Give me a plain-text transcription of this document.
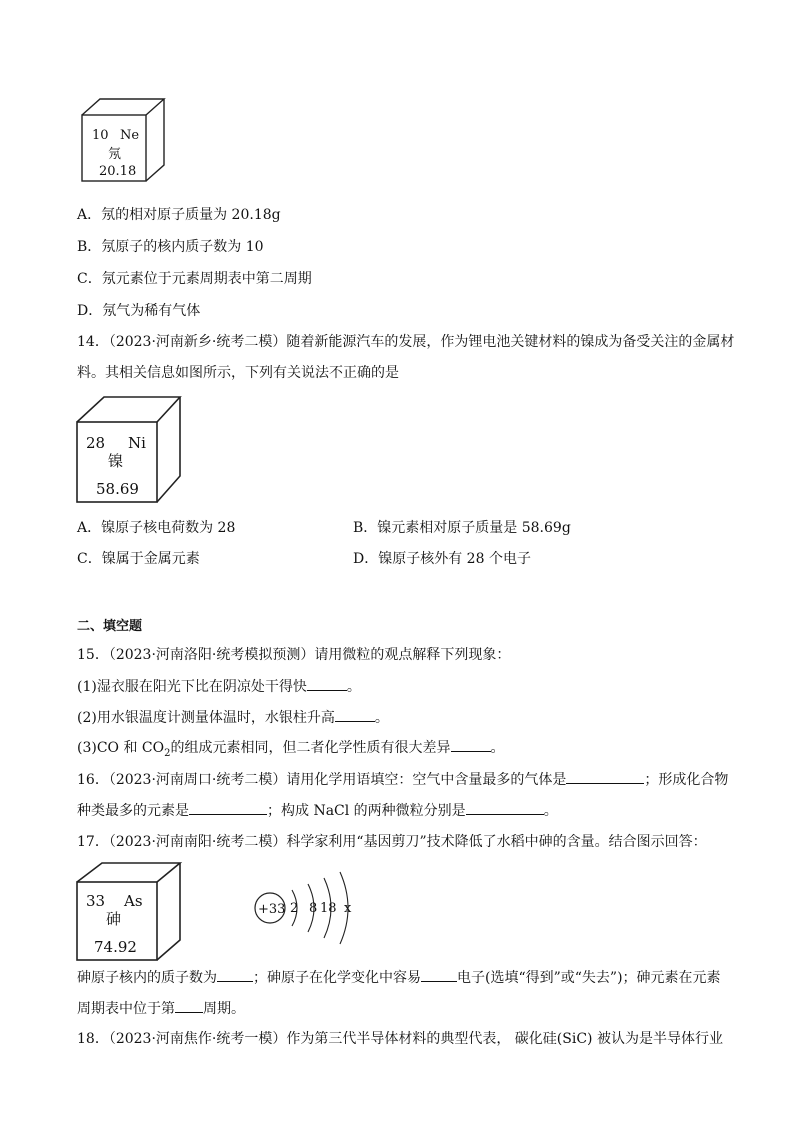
10 Ne
氖
20.18
A．氖的相对原子质量为 20.18g
B．氖原子的核内质子数为 10
C．氖元素位于元素周期表中第二周期
D．氖气为稀有气体
14．（2023·河南新乡·统考二模）随着新能源汽车的发展，作为锂电池关键材料的镍成为备受关注的金属材
料。其相关信息如图所示，下列有关说法不正确的是
28 Ni
镍
58.69
A．镍原子核电荷数为 28	B．镍元素相对原子质量是 58.69g
C．镍属于金属元素	D．镍原子核外有 28 个电子
二、填空题
15．（2023·河南洛阳·统考模拟预测）请用微粒的观点解释下列现象：
(1)湿衣服在阳光下比在阴凉处干得快	。
(2)用水银温度计测量体温时，水银柱升高	。
(3)CO 和 $CO_2$的组成元素相同，但二者化学性质有很大差异	。
16．（2023·河南周口·统考二模）请用化学用语填空：空气中含量最多的气体是	；形成化合物
种类最多的元素是	；构成 NaCl 的两种微粒分别是	。
17．（2023·河南南阳·统考二模）科学家利用“基因剪刀”技术降低了水稻中砷的含量。结合图示回答：
33 As
砷
74.92
+33 2 8 18 x
砷原子核内的质子数为	；砷原子在化学变化中容易	电子(选填“得到”或“失去”)；砷元素在元素
周期表中位于第 周期。
18．（2023·河南焦作·统考一模）作为第三代半导体材料的典型代表， 碳化硅(SiC) 被认为是半导体行业
